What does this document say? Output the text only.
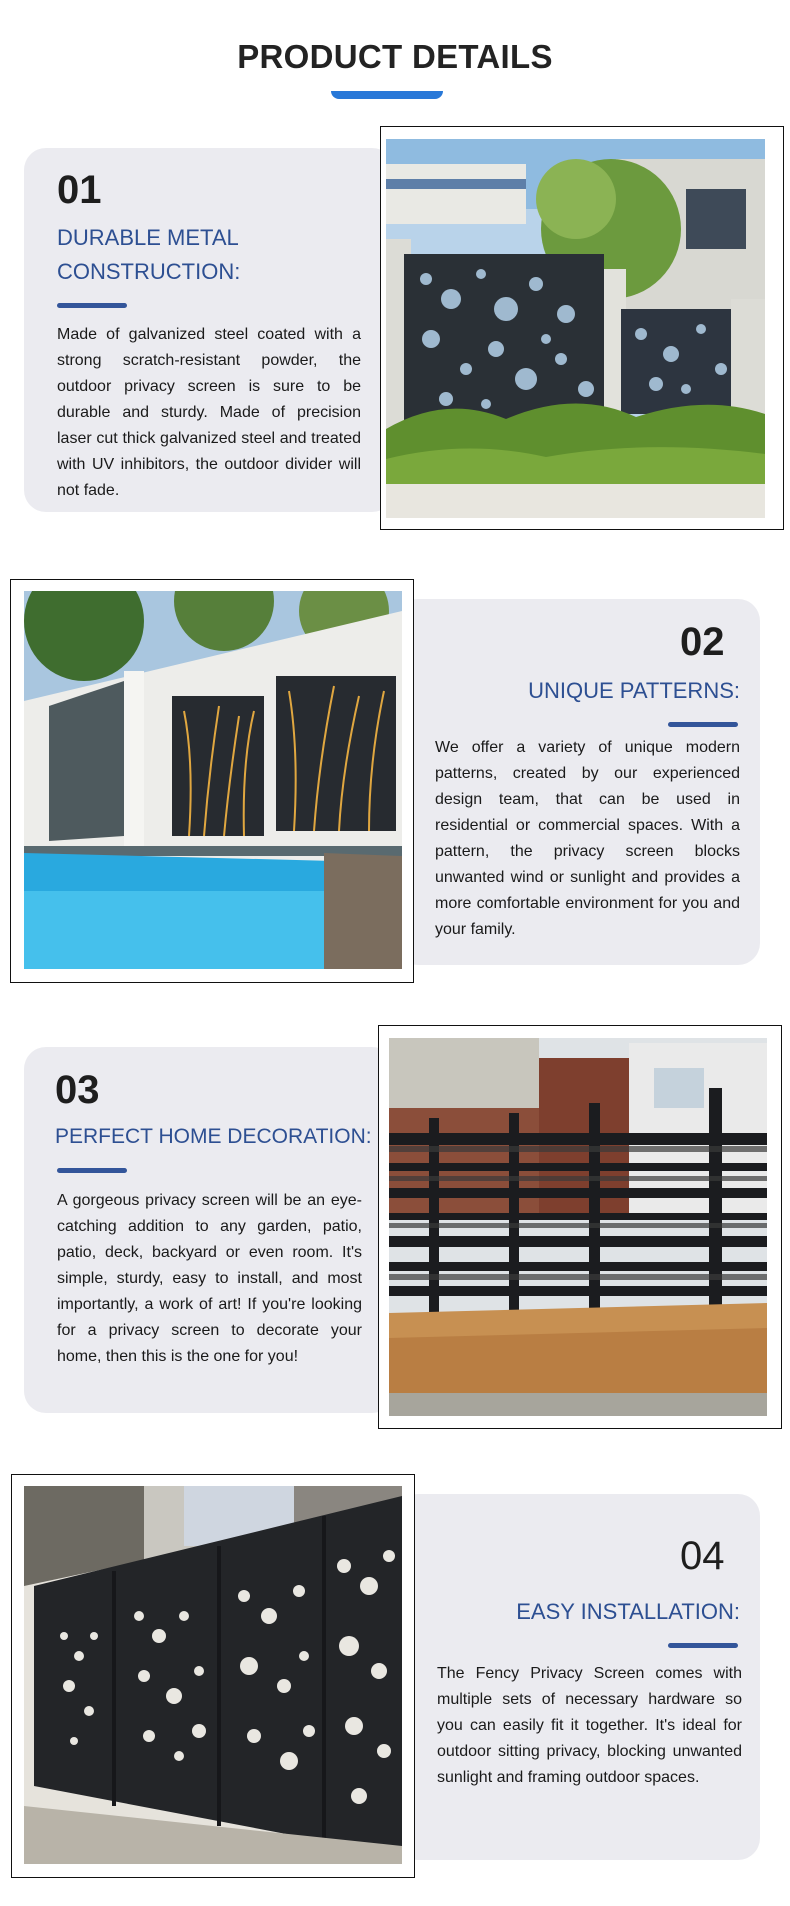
PRODUCT DETAILS
01
DURABLE METAL
CONSTRUCTION:
Made of galvanized steel coated with a strong scratch-resistant powder, the outdoor privacy screen is sure to be durable and sturdy. Made of precision laser cut thick galvanized steel and treated with UV inhibitors, the outdoor divider will not fade.
02
UNIQUE PATTERNS:
We offer a variety of unique modern patterns, created by our experienced design team, that can be used in residential or commercial spaces. With a pattern, the privacy screen blocks unwanted wind or sunlight and provides a more comfortable environment for you and your family.
03
PERFECT HOME DECORATION:
A gorgeous privacy screen will be an eye-catching addition to any garden, patio, patio, deck, backyard or even room. It's simple, sturdy, easy to install, and most importantly, a work of art! If you're looking for a privacy screen to decorate your home, then this is the one for you!
04
EASY INSTALLATION:
The Fency Privacy Screen comes with multiple sets of necessary hardware so you can easily fit it together. It's ideal for outdoor sitting privacy, blocking unwanted sunlight and framing outdoor spaces.
